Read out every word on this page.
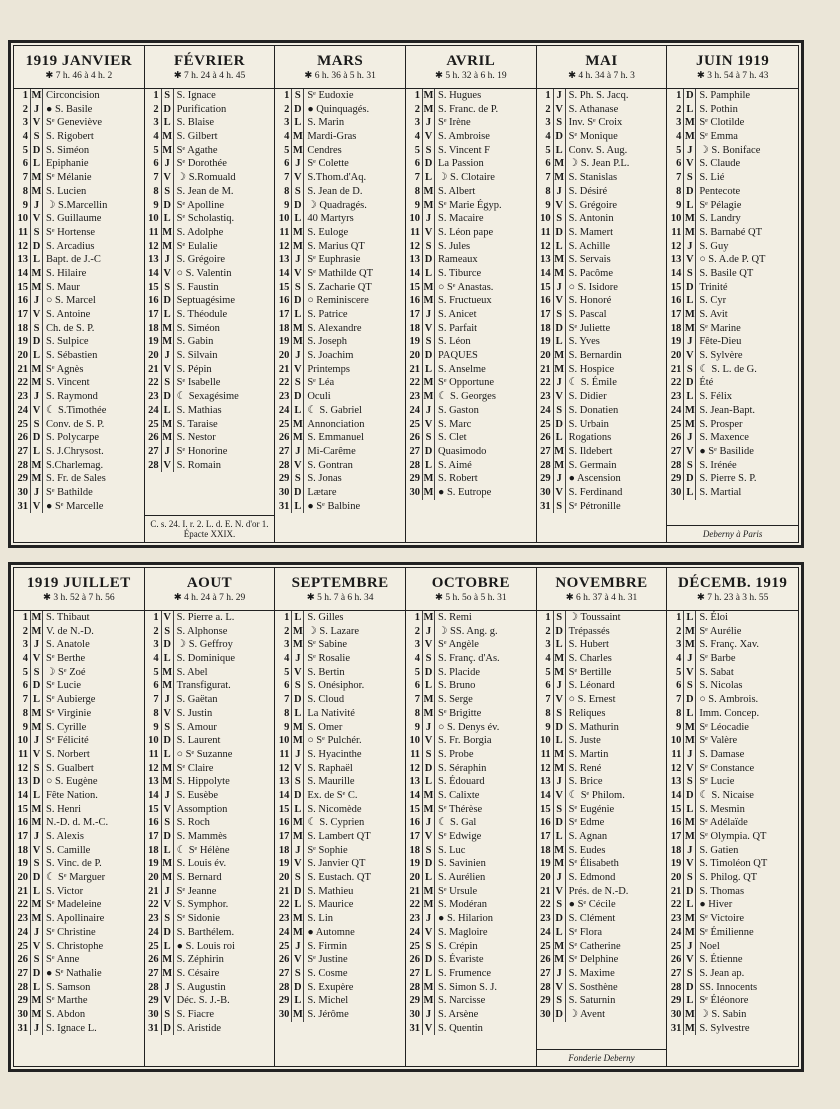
1919 JANVIER
✱ 7 h. 46 à 4 h. 2
1 M Circoncision
2 J ● S. Basile
3 V Sᵉ Geneviève
4 S S. Rigobert
5 D S. Siméon
6 L Epiphanie
7 M Sᵉ Mélanie
8 M S. Lucien
9 J ☽ S.Marcellin
10 V S. Guillaume
11 S Sᵉ Hortense
12 D S. Arcadius
13 L Bapt. de J.-C
14 M S. Hilaire
15 M S. Maur
16 J ○ S. Marcel
17 V S. Antoine
18 S Ch. de S. P.
19 D S. Sulpice
20 L S. Sébastien
21 M Sᵉ Agnès
22 M S. Vincent
23 J S. Raymond
24 V ☾ S.Timothée
25 S Conv. de S. P.
26 D S. Polycarpe
27 L S. J.Chrysost.
28 M S.Charlemag.
29 M S. Fr. de Sales
30 J Sᵉ Bathilde
31 V ● Sᵉ Marcelle
FÉVRIER
✱ 7 h. 24 à 4 h. 45
1 S S. Ignace
2 D Purification
3 L S. Blaise
4 M S. Gilbert
5 M Sᵉ Agathe
6 J Sᵉ Dorothée
7 V ☽ S.Romuald
8 S S. Jean de M.
9 D Sᵉ Apolline
10 L Sᵉ Scholastiq.
11 M S. Adolphe
12 M Sᵉ Eulalie
13 J S. Grégoire
14 V ○ S. Valentin
15 S S. Faustin
16 D Septuagésime
17 L S. Théodule
18 M S. Siméon
19 M S. Gabin
20 J S. Silvain
21 V S. Pépin
22 S Sᵉ Isabelle
23 D ☾ Sexagésime
24 L S. Mathias
25 M S. Taraise
26 M S. Nestor
27 J Sᵉ Honorine
28 V S. Romain
C. s. 24. I. r. 2. L. d. E. N. d'or 1. Épacte XXIX.
MARS
✱ 6 h. 36 à 5 h. 31
1 S Sᵉ Eudoxie
2 D ● Quinquagés.
3 L S. Marin
4 M Mardi-Gras
5 M Cendres
6 J Sᵉ Colette
7 V S.Thom.d'Aq.
8 S S. Jean de D.
9 D ☽ Quadragés.
10 L 40 Martyrs
11 M S. Euloge
12 M S. Marius QT
13 J Sᵉ Euphrasie
14 V Sᵉ Mathilde QT
15 S S. Zacharie QT
16 D ○ Reminiscere
17 L S. Patrice
18 M S. Alexandre
19 M S. Joseph
20 J S. Joachim
21 V Printemps
22 S Sᵉ Léa
23 D Oculi
24 L ☾ S. Gabriel
25 M Annonciation
26 M S. Emmanuel
27 J Mi-Carême
28 V S. Gontran
29 S S. Jonas
30 D Lætare
31 L ● Sᵉ Balbine
AVRIL
✱ 5 h. 32 à 6 h. 19
1 M S. Hugues
2 M S. Franc. de P.
3 J Sᵉ Irène
4 V S. Ambroise
5 S S. Vincent F
6 D La Passion
7 L ☽ S. Clotaire
8 M S. Albert
9 M Sᵉ Marie Égyp.
10 J S. Macaire
11 V S. Léon pape
12 S S. Jules
13 D Rameaux
14 L S. Tiburce
15 M ○ Sᵉ Anastas.
16 M S. Fructueux
17 J S. Anicet
18 V S. Parfait
19 S S. Léon
20 D PAQUES
21 L S. Anselme
22 M Sᵉ Opportune
23 M ☾ S. Georges
24 J S. Gaston
25 V S. Marc
26 S S. Clet
27 D Quasimodo
28 L S. Aimé
29 M S. Robert
30 M ● S. Eutrope
MAI
✱ 4 h. 34 à 7 h. 3
1 J S. Ph. S. Jacq.
2 V S. Athanase
3 S Inv. Sᵉ Croix
4 D Sᵉ Monique
5 L Conv. S. Aug.
6 M ☽ S. Jean P.L.
7 M S. Stanislas
8 J S. Désiré
9 V S. Grégoire
10 S S. Antonin
11 D S. Mamert
12 L S. Achille
13 M S. Servais
14 M S. Pacôme
15 J ○ S. Isidore
16 V S. Honoré
17 S S. Pascal
18 D Sᵉ Juliette
19 L S. Yves
20 M S. Bernardin
21 M S. Hospice
22 J ☾ S. Émile
23 V S. Didier
24 S S. Donatien
25 D S. Urbain
26 L Rogations
27 M S. Ildebert
28 M S. Germain
29 J ● Ascension
30 V S. Ferdinand
31 S Sᵉ Pétronille
JUIN 1919
✱ 3 h. 54 à 7 h. 43
1 D S. Pamphile
2 L S. Pothin
3 M Sᵉ Clotilde
4 M Sᵉ Emma
5 J ☽ S. Boniface
6 V S. Claude
7 S S. Lié
8 D Pentecote
9 L Sᵉ Pélagie
10 M S. Landry
11 M S. Barnabé QT
12 J S. Guy
13 V ○ S. A.de P. QT
14 S S. Basile QT
15 D Trinité
16 L S. Cyr
17 M S. Avit
18 M Sᵉ Marine
19 J Fête-Dieu
20 V S. Sylvère
21 S ☾ S. L. de G.
22 D Été
23 L S. Félix
24 M S. Jean-Bapt.
25 M S. Prosper
26 J S. Maxence
27 V ● Sᵉ Basilide
28 S S. Irénée
29 D S. Pierre S. P.
30 L S. Martial
Deberny à Paris
1919 JUILLET
✱ 3 h. 52 à 7 h. 56
1 M S. Thibaut
2 M V. de N.-D.
3 J S. Anatole
4 V Sᵉ Berthe
5 S ☽ Sᵉ Zoé
6 D Sᵉ Lucie
7 L Sᵉ Aubierge
8 M Sᵉ Virginie
9 M S. Cyrille
10 J Sᵉ Félicité
11 V S. Norbert
12 S S. Gualbert
13 D ○ S. Eugène
14 L Fête Nation.
15 M S. Henri
16 M N.-D. d. M.-C.
17 J S. Alexis
18 V S. Camille
19 S S. Vinc. de P.
20 D ☾ Sᵉ Marguer
21 L S. Victor
22 M Sᵉ Madeleine
23 M S. Apollinaire
24 J Sᵉ Christine
25 V S. Christophe
26 S Sᵉ Anne
27 D ● Sᵉ Nathalie
28 L S. Samson
29 M Sᵉ Marthe
30 M S. Abdon
31 J S. Ignace L.
AOUT
✱ 4 h. 24 à 7 h. 29
1 V S. Pierre a. L.
2 S S. Alphonse
3 D ☽ S. Geffroy
4 L S. Dominique
5 M S. Abel
6 M Transfigurat.
7 J S. Gaëtan
8 V S. Justin
9 S S. Amour
10 D S. Laurent
11 L ○ Sᵉ Suzanne
12 M Sᵉ Claire
13 M S. Hippolyte
14 J S. Eusèbe
15 V Assomption
16 S S. Roch
17 D S. Mammès
18 L ☾ Sᵉ Hélène
19 M S. Louis év.
20 M S. Bernard
21 J Sᵉ Jeanne
22 V S. Symphor.
23 S Sᵉ Sidonie
24 D S. Barthélem.
25 L ● S. Louis roi
26 M S. Zéphirin
27 M S. Césaire
28 J S. Augustin
29 V Déc. S. J.-B.
30 S S. Fiacre
31 D S. Aristide
SEPTEMBRE
✱ 5 h. 7 à 6 h. 34
1 L S. Gilles
2 M ☽ S. Lazare
3 M Sᵉ Sabine
4 J Sᵉ Rosalie
5 V S. Bertin
6 S S. Onésiphor.
7 D S. Cloud
8 L La Nativité
9 M S. Omer
10 M ○ Sᵉ Pulchér.
11 J S. Hyacinthe
12 V S. Raphaël
13 S S. Maurille
14 D Ex. de Sᵉ C.
15 L S. Nicomède
16 M ☾ S. Cyprien
17 M S. Lambert QT
18 J Sᵉ Sophie
19 V S. Janvier QT
20 S S. Eustach. QT
21 D S. Mathieu
22 L S. Maurice
23 M S. Lin
24 M ● Automne
25 J S. Firmin
26 V Sᵉ Justine
27 S S. Cosme
28 D S. Exupère
29 L S. Michel
30 M S. Jérôme
OCTOBRE
✱ 5 h. 5o à 5 h. 31
1 M S. Remi
2 J ☽ SS. Ang. g.
3 V Sᵉ Angèle
4 S S. Franç. d'As.
5 D S. Placide
6 L S. Bruno
7 M S. Serge
8 M Sᵉ Brigitte
9 J ○ S. Denys év.
10 V S. Fr. Borgia
11 S S. Probe
12 D S. Séraphin
13 L S. Édouard
14 M S. Calixte
15 M Sᵉ Thérèse
16 J ☾ S. Gal
17 V Sᵉ Edwige
18 S S. Luc
19 D S. Savinien
20 L S. Aurélien
21 M Sᵉ Ursule
22 M S. Modéran
23 J ● S. Hilarion
24 V S. Magloire
25 S S. Crépin
26 D S. Évariste
27 L S. Frumence
28 M S. Simon S. J.
29 M S. Narcisse
30 J S. Arsène
31 V S. Quentin
NOVEMBRE
✱ 6 h. 37 à 4 h. 31
1 S ☽ Toussaint
2 D Trépassés
3 L S. Hubert
4 M S. Charles
5 M Sᵉ Bertille
6 J S. Léonard
7 V ○ S. Ernest
8 S Reliques
9 D S. Mathurin
10 L S. Juste
11 M S. Martin
12 M S. René
13 J S. Brice
14 V ☾ Sᵉ Philom.
15 S Sᵉ Eugénie
16 D Sᵉ Edme
17 L S. Agnan
18 M S. Eudes
19 M Sᵉ Élisabeth
20 J S. Edmond
21 V Prés. de N.-D.
22 S ● Sᵉ Cécile
23 D S. Clément
24 L Sᵉ Flora
25 M Sᵉ Catherine
26 M Sᵉ Delphine
27 J S. Maxime
28 V S. Sosthène
29 S S. Saturnin
30 D ☽ Avent
Fonderie Deberny
DÉCEMB. 1919
✱ 7 h. 23 à 3 h. 55
1 L S. Éloi
2 M Sᵉ Aurélie
3 M S. Franç. Xav.
4 J Sᵉ Barbe
5 V S. Sabat
6 S S. Nicolas
7 D ○ S. Ambrois.
8 L Imm. Concep.
9 M Sᵉ Léocadie
10 M Sᵉ Valère
11 J S. Damase
12 V Sᵉ Constance
13 S Sᵉ Lucie
14 D ☾ S. Nicaise
15 L S. Mesmin
16 M Sᵉ Adélaïde
17 M Sᵉ Olympia. QT
18 J S. Gatien
19 V S. Timoléon QT
20 S S. Philog. QT
21 D S. Thomas
22 L ● Hiver
23 M Sᵉ Victoire
24 M Sᵉ Émilienne
25 J Noel
26 V S. Étienne
27 S S. Jean ap.
28 D SS. Innocents
29 L Sᵉ Éléonore
30 M ☽ S. Sabin
31 M S. Sylvestre
